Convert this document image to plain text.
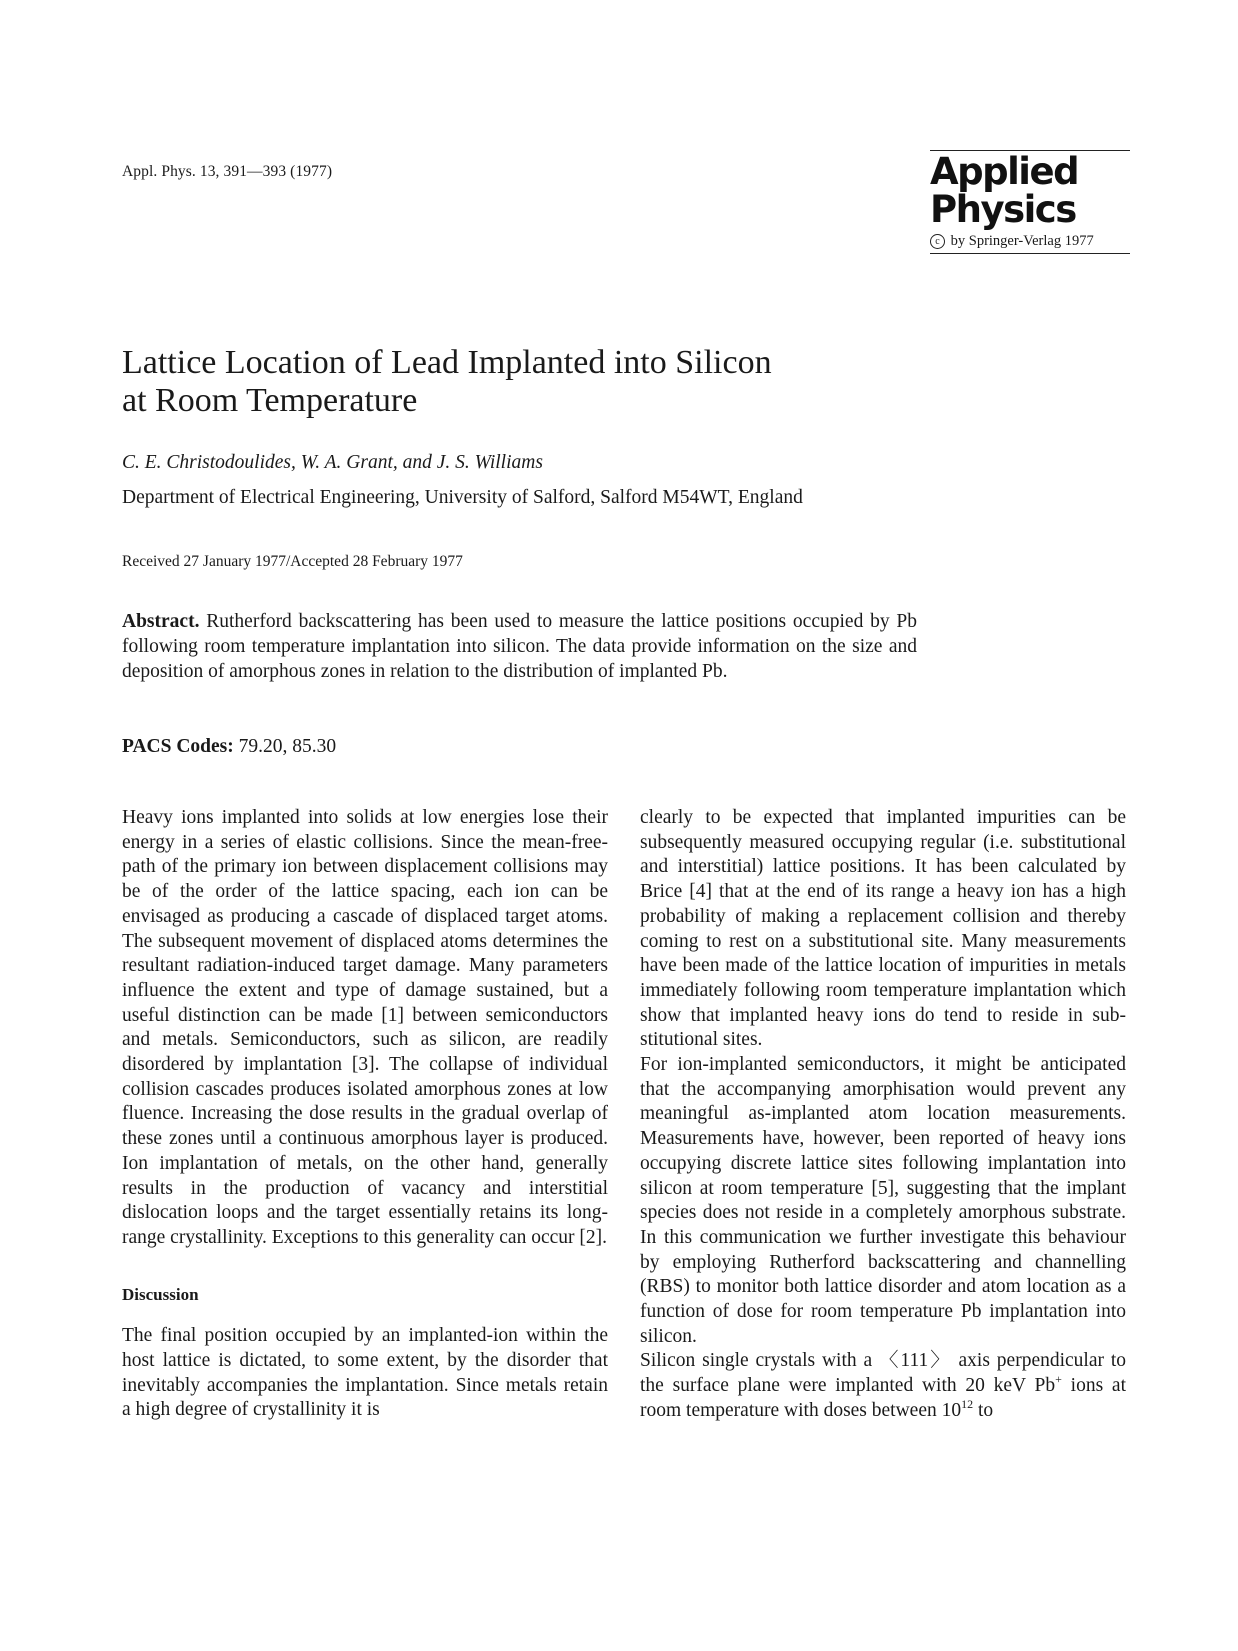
Appl. Phys. 13, 391—393 (1977)	Applied
Physics
c by Springer-Verlag 1977
Lattice Location of Lead Implanted into Silicon
at Room Temperature
C. E. Christodoulides, W. A. Grant, and J. S. Williams
Department of Electrical Engineering, University of Salford, Salford M54WT, England
Received 27 January 1977/Accepted 28 February 1977
Abstract. Rutherford backscattering has been used to measure the lattice positions occupied by Pb following room temperature implantation into silicon. The data provide information on the size and deposition of amorphous zones in relation to the distribution of implanted Pb.
PACS Codes: 79.20, 85.30

Heavy ions implanted into solids at low energies lose their energy in a series of elastic collisions. Since the mean-free-path of the primary ion between displacement collisions may be of the order of the lattice spacing, each ion can be envisaged as producing a cascade of displaced target atoms. The subsequent movement of displaced atoms determines the resultant radiation-induced target damage. Many parameters influence the extent and type of damage sustained, but a useful distinction can be made [1] between semiconductors and metals. Semiconductors, such as silicon, are readily disordered by implantation [3]. The collapse of individual collision cascades produces isolated amorphous zones at low fluence. Increasing the dose results in the gradual overlap of these zones until a continuous amorphous layer is produced. Ion implantation of metals, on the other hand, generally results in the production of vacancy and interstitial dislocation loops and the target essentially retains its long-range crystallinity. Exceptions to this generality can occur [2].

Discussion

The final position occupied by an implanted-ion within the host lattice is dictated, to some extent, by the disorder that inevitably accompanies the implantation. Since metals retain a high degree of crystallinity it is

clearly to be expected that implanted impurities can be subsequently measured occupying regular (i.e. substitutional and interstitial) lattice positions. It has been calculated by Brice [4] that at the end of its range a heavy ion has a high probability of making a replacement collision and thereby coming to rest on a substitutional site. Many measurements have been made of the lattice location of impurities in metals immediately following room temperature implantation which show that implanted heavy ions do tend to reside in substitutional sites.

For ion-implanted semiconductors, it might be anticipated that the accompanying amorphisation would prevent any meaningful as-implanted atom location measurements. Measurements have, however, been reported of heavy ions occupying discrete lattice sites following implantation into silicon at room temperature [5], suggesting that the implant species does not reside in a completely amorphous substrate. In this communication we further investigate this behaviour by employing Rutherford backscattering and channelling (RBS) to monitor both lattice disorder and atom location as a function of dose for room temperature Pb implantation into silicon.

Silicon single crystals with a 〈111〉 axis perpendicular to the surface plane were implanted with 20 keV Pb+ ions at room temperature with doses between $10^{12}$ to
